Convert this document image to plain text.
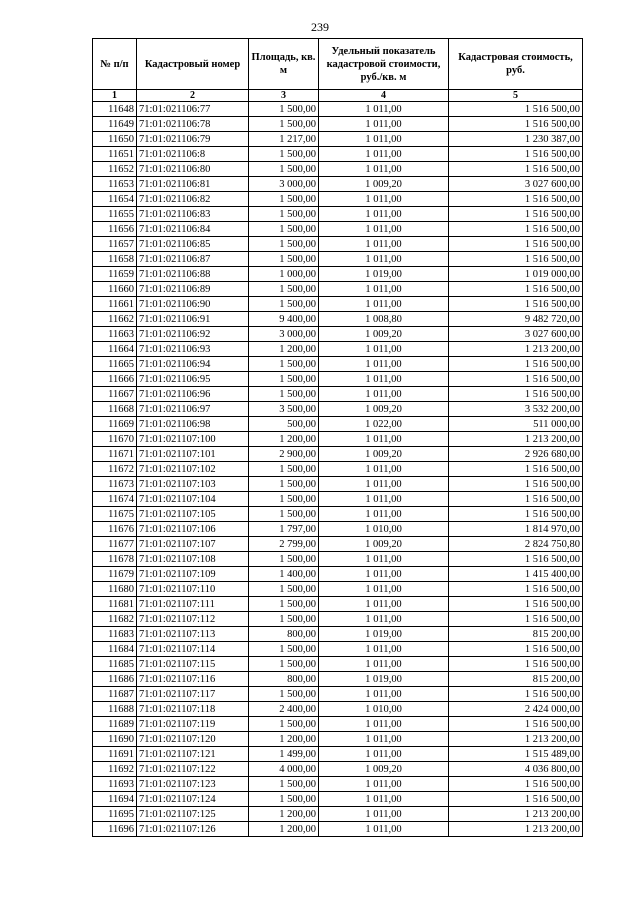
239
№ п/п	Кадастровый номер	Площадь, кв. м	Удельный показатель кадастровой стоимости, руб./кв. м	Кадастровая стоимость, руб.
1	2	3	4	5
11648	71:01:021106:77	1 500,00	1 011,00	1 516 500,00
11649	71:01:021106:78	1 500,00	1 011,00	1 516 500,00
11650	71:01:021106:79	1 217,00	1 011,00	1 230 387,00
11651	71:01:021106:8	1 500,00	1 011,00	1 516 500,00
11652	71:01:021106:80	1 500,00	1 011,00	1 516 500,00
11653	71:01:021106:81	3 000,00	1 009,20	3 027 600,00
11654	71:01:021106:82	1 500,00	1 011,00	1 516 500,00
11655	71:01:021106:83	1 500,00	1 011,00	1 516 500,00
11656	71:01:021106:84	1 500,00	1 011,00	1 516 500,00
11657	71:01:021106:85	1 500,00	1 011,00	1 516 500,00
11658	71:01:021106:87	1 500,00	1 011,00	1 516 500,00
11659	71:01:021106:88	1 000,00	1 019,00	1 019 000,00
11660	71:01:021106:89	1 500,00	1 011,00	1 516 500,00
11661	71:01:021106:90	1 500,00	1 011,00	1 516 500,00
11662	71:01:021106:91	9 400,00	1 008,80	9 482 720,00
11663	71:01:021106:92	3 000,00	1 009,20	3 027 600,00
11664	71:01:021106:93	1 200,00	1 011,00	1 213 200,00
11665	71:01:021106:94	1 500,00	1 011,00	1 516 500,00
11666	71:01:021106:95	1 500,00	1 011,00	1 516 500,00
11667	71:01:021106:96	1 500,00	1 011,00	1 516 500,00
11668	71:01:021106:97	3 500,00	1 009,20	3 532 200,00
11669	71:01:021106:98	500,00	1 022,00	511 000,00
11670	71:01:021107:100	1 200,00	1 011,00	1 213 200,00
11671	71:01:021107:101	2 900,00	1 009,20	2 926 680,00
11672	71:01:021107:102	1 500,00	1 011,00	1 516 500,00
11673	71:01:021107:103	1 500,00	1 011,00	1 516 500,00
11674	71:01:021107:104	1 500,00	1 011,00	1 516 500,00
11675	71:01:021107:105	1 500,00	1 011,00	1 516 500,00
11676	71:01:021107:106	1 797,00	1 010,00	1 814 970,00
11677	71:01:021107:107	2 799,00	1 009,20	2 824 750,80
11678	71:01:021107:108	1 500,00	1 011,00	1 516 500,00
11679	71:01:021107:109	1 400,00	1 011,00	1 415 400,00
11680	71:01:021107:110	1 500,00	1 011,00	1 516 500,00
11681	71:01:021107:111	1 500,00	1 011,00	1 516 500,00
11682	71:01:021107:112	1 500,00	1 011,00	1 516 500,00
11683	71:01:021107:113	800,00	1 019,00	815 200,00
11684	71:01:021107:114	1 500,00	1 011,00	1 516 500,00
11685	71:01:021107:115	1 500,00	1 011,00	1 516 500,00
11686	71:01:021107:116	800,00	1 019,00	815 200,00
11687	71:01:021107:117	1 500,00	1 011,00	1 516 500,00
11688	71:01:021107:118	2 400,00	1 010,00	2 424 000,00
11689	71:01:021107:119	1 500,00	1 011,00	1 516 500,00
11690	71:01:021107:120	1 200,00	1 011,00	1 213 200,00
11691	71:01:021107:121	1 499,00	1 011,00	1 515 489,00
11692	71:01:021107:122	4 000,00	1 009,20	4 036 800,00
11693	71:01:021107:123	1 500,00	1 011,00	1 516 500,00
11694	71:01:021107:124	1 500,00	1 011,00	1 516 500,00
11695	71:01:021107:125	1 200,00	1 011,00	1 213 200,00
11696	71:01:021107:126	1 200,00	1 011,00	1 213 200,00
